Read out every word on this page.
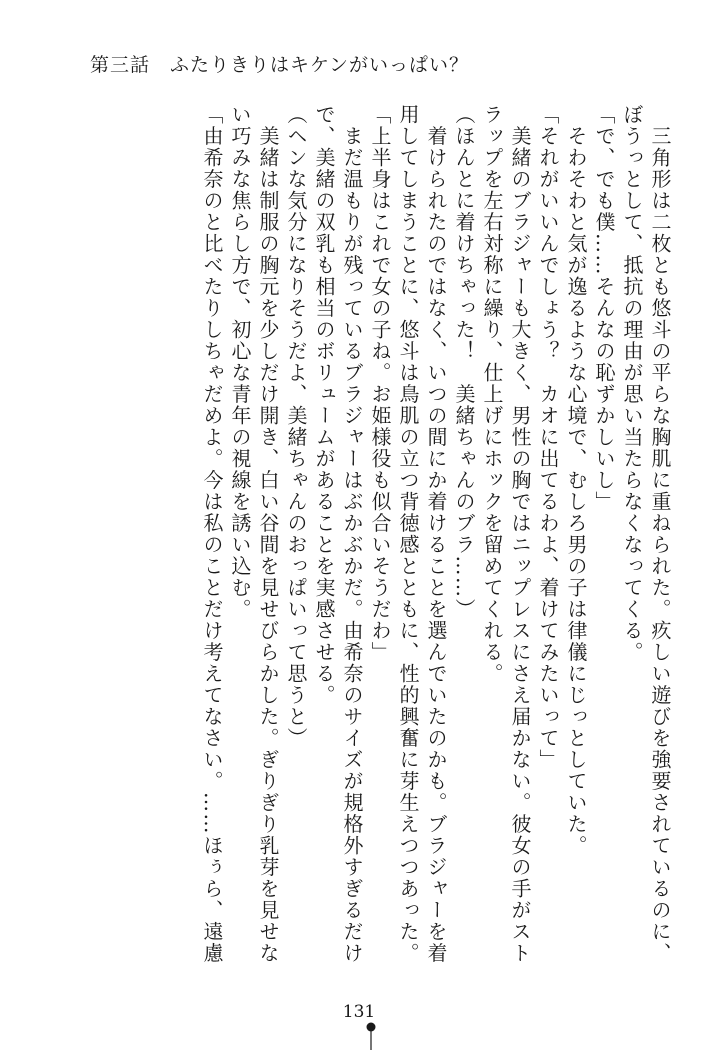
第三話　ふたりきりはキケンがいっぱい？

　三角形は二枚とも悠斗の平らな胸肌に重ねられた。疚しい遊びを強要されているのに、

ぼうっとして、抵抗の理由が思い当たらなくなってくる。

「で、でも僕……そんなの恥ずかしいし」

　そわそわと気が逸るような心境で、むしろ男の子は律儀にじっとしていた。

「それがいいんでしょう？　カオに出てるわよ、着けてみたいって」

　美緒のブラジャーも大きく、男性の胸ではニップレスにさえ届かない。彼女の手がスト

ラップを左右対称に繰り、仕上げにホックを留めてくれる。

（ほんとに着けちゃった！　美緒ちゃんのブラ……）

　着けられたのではなく、いつの間にか着けることを選んでいたのかも。ブラジャーを着

用してしまうことに、悠斗は鳥肌の立つ背徳感とともに、性的興奮に芽生えつつあった。

「上半身はこれで女の子ね。お姫様役も似合いそうだわ」

　まだ温もりが残っているブラジャーはぶかぶかだ。由希奈のサイズが規格外すぎるだけ

で、美緒の双乳も相当のボリュームがあることを実感させる。

（ヘンな気分になりそうだよ、美緒ちゃんのおっぱいって思うと）

　美緒は制服の胸元を少しだけ開き、白い谷間を見せびらかした。ぎりぎり乳芽を見せな

い巧みな焦らし方で、初心な青年の視線を誘い込む。

「由希奈のと比べたりしちゃだめよ。今は私のことだけ考えてなさい。……ほぅら、遠慮

131
